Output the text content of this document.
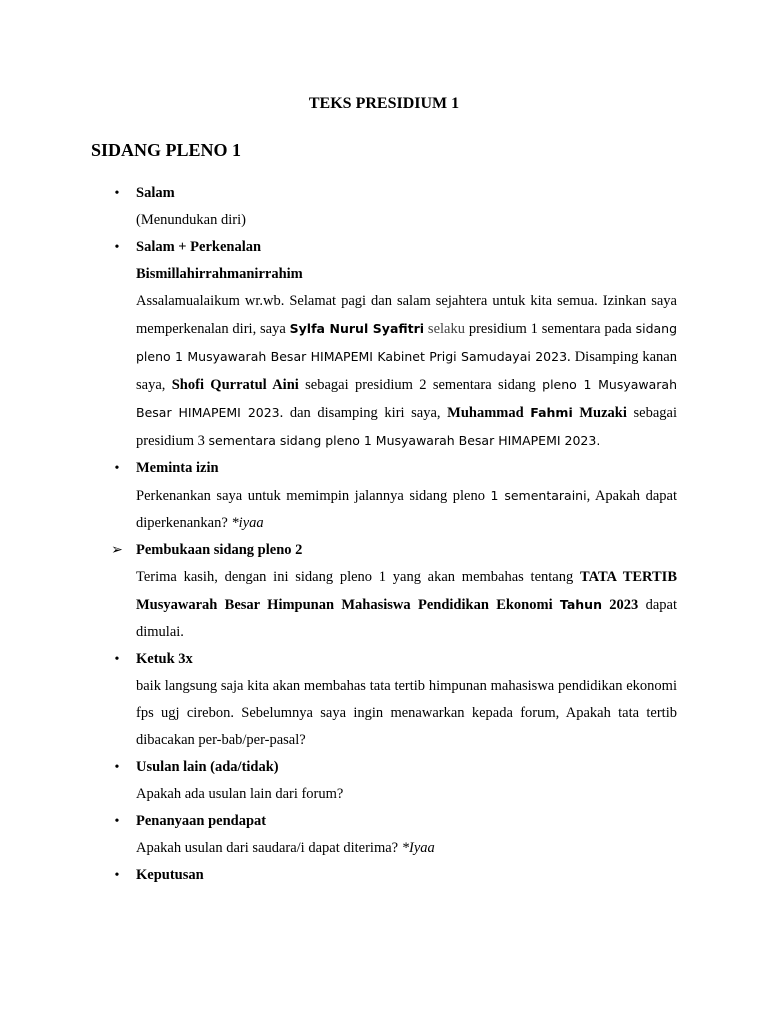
TEKS PRESIDIUM 1
SIDANG PLENO 1
•	Salam
(Menundukan diri)
•	Salam + Perkenalan
Bismillahirrahmanirrahim
Assalamualaikum wr.wb. Selamat pagi dan salam sejahtera untuk kita semua. Izinkan saya memperkenalan diri, saya Sylfa Nurul Syafitri selaku presidium 1 sementara pada sidang pleno 1 Musyawarah Besar HIMAPEMI Kabinet Prigi Samudayai 2023. Disamping kanan saya, Shofi Qurratul Aini sebagai presidium 2 sementara sidang pleno 1 Musyawarah Besar HIMAPEMI 2023. dan disamping kiri saya, Muhammad Fahmi Muzaki sebagai presidium 3 sementara sidang pleno 1 Musyawarah Besar HIMAPEMI 2023.
•	Meminta izin
Perkenankan saya untuk memimpin jalannya sidang pleno 1 sementaraini, Apakah dapat diperkenankan? *iyaa
➢ Pembukaan sidang pleno 2
Terima kasih, dengan ini sidang pleno 1 yang akan membahas tentang TATA TERTIB Musyawarah Besar Himpunan Mahasiswa Pendidikan Ekonomi Tahun 2023 dapat dimulai.
•	Ketuk 3x
baik langsung saja kita akan membahas tata tertib himpunan mahasiswa pendidikan ekonomi fps ugj cirebon. Sebelumnya saya ingin menawarkan kepada forum, Apakah tata tertib dibacakan per-bab/per-pasal?
•	Usulan lain (ada/tidak)
Apakah ada usulan lain dari forum?
•	Penanyaan pendapat
Apakah usulan dari saudara/i dapat diterima? *Iyaa
•	Keputusan
